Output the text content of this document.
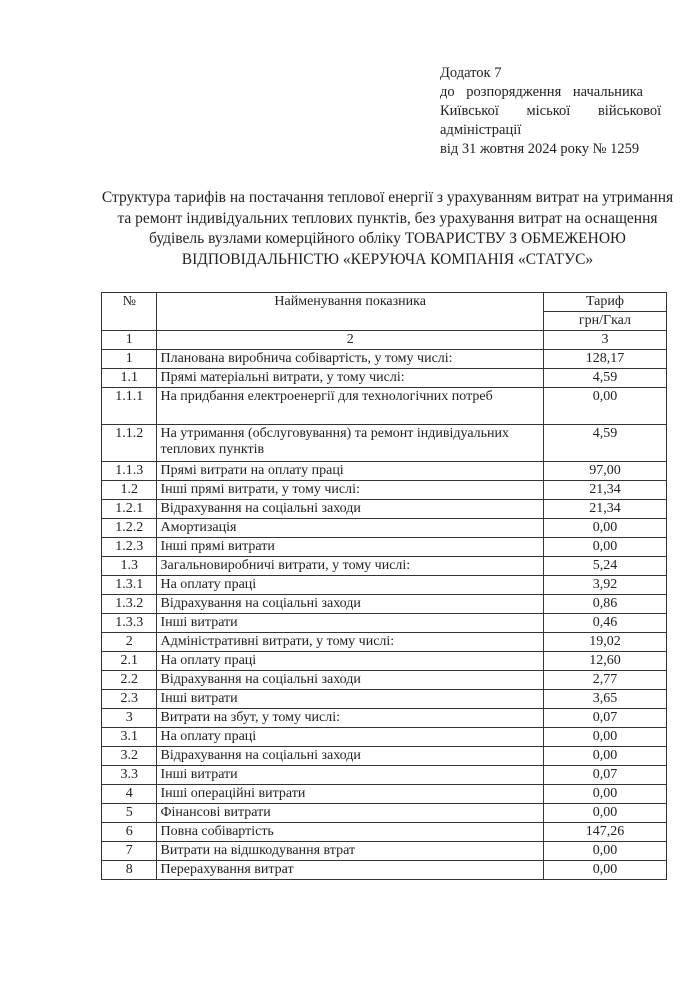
Додаток 7
до розпорядження начальника
Київської міської військової
адміністрації
від 31 жовтня 2024 року № 1259
Структура тарифів на постачання теплової енергії з урахуванням витрат на утримання та ремонт індивідуальних теплових пунктів, без урахування витрат на оснащення будівель вузлами комерційного обліку ТОВАРИСТВУ З ОБМЕЖЕНОЮ ВІДПОВІДАЛЬНІСТЮ «КЕРУЮЧА КОМПАНІЯ «СТАТУС»
№	Найменування показника	Тариф
		грн/Гкал
1	2	3
1	Планована виробнича собівартість, у тому числі:	128,17
1.1	Прямі матеріальні витрати, у тому числі:	4,59
1.1.1	На придбання електроенергії для технологічних потреб	0,00
1.1.2	На утримання (обслуговування) та ремонт індивідуальних теплових пунктів	4,59
1.1.3	Прямі витрати на оплату праці	97,00
1.2	Інші прямі витрати, у тому числі:	21,34
1.2.1	Відрахування на соціальні заходи	21,34
1.2.2	Амортизація	0,00
1.2.3	Інші прямі витрати	0,00
1.3	Загальновиробничі витрати, у тому числі:	5,24
1.3.1	На оплату праці	3,92
1.3.2	Відрахування на соціальні заходи	0,86
1.3.3	Інші витрати	0,46
2	Адміністративні витрати, у тому числі:	19,02
2.1	На оплату праці	12,60
2.2	Відрахування на соціальні заходи	2,77
2.3	Інші витрати	3,65
3	Витрати на збут, у тому числі:	0,07
3.1	На оплату праці	0,00
3.2	Відрахування на соціальні заходи	0,00
3.3	Інші витрати	0,07
4	Інші операційні витрати	0,00
5	Фінансові витрати	0,00
6	Повна собівартість	147,26
7	Витрати на відшкодування втрат	0,00
8	Перерахування витрат	0,00
